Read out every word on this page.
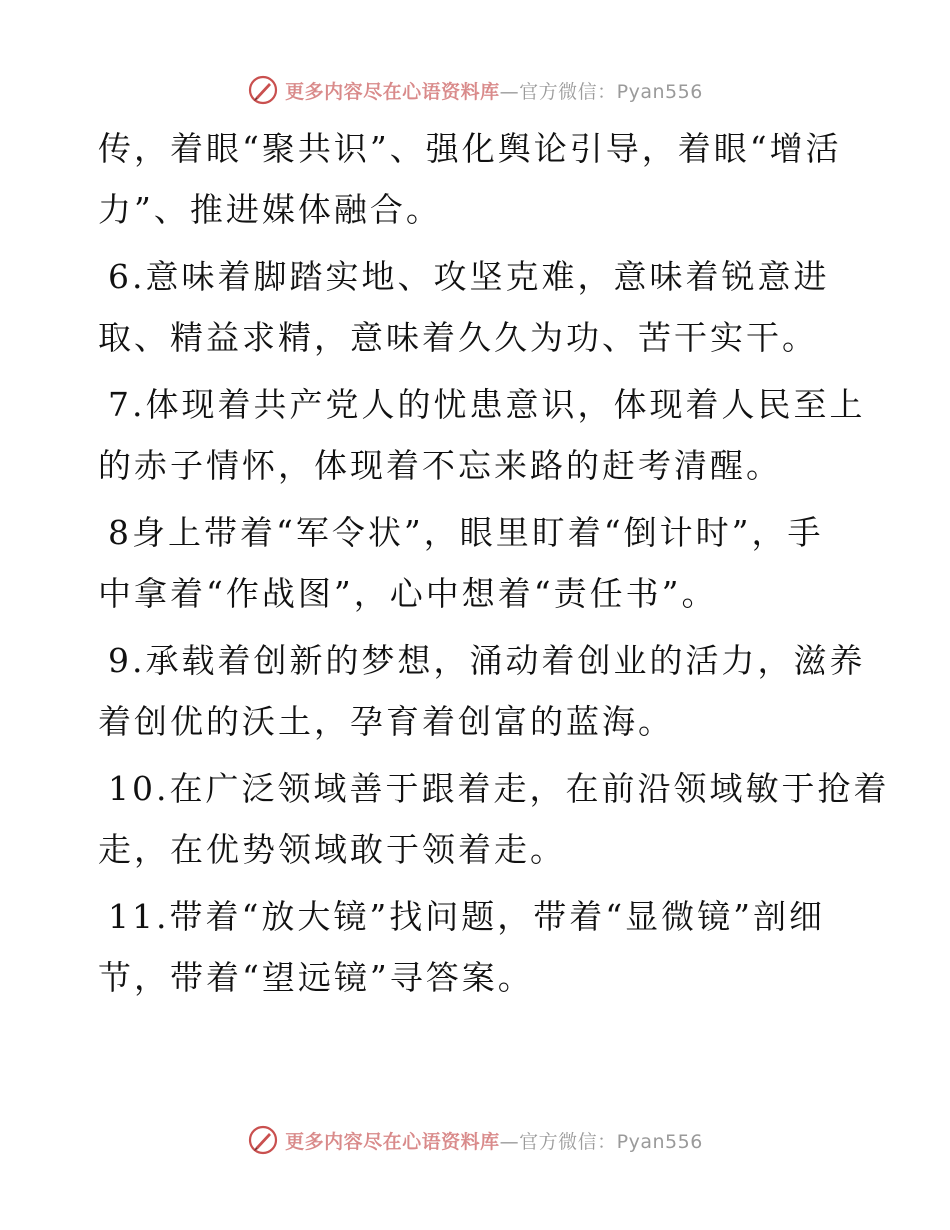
更多内容尽在心语资料库—官方微信：Pyan556
传，着眼“聚共识”、强化舆论引导，着眼“增活
力”、推进媒体融合。
6.意味着脚踏实地、攻坚克难，意味着锐意进
取、精益求精，意味着久久为功、苦干实干。
7.体现着共产党人的忧患意识，体现着人民至上
的赤子情怀，体现着不忘来路的赶考清醒。
8身上带着“军令状”，眼里盯着“倒计时”，手
中拿着“作战图”，心中想着“责任书”。
9.承载着创新的梦想，涌动着创业的活力，滋养
着创优的沃土，孕育着创富的蓝海。
10.在广泛领域善于跟着走，在前沿领域敏于抢着
走，在优势领域敢于领着走。
11.带着“放大镜”找问题，带着“显微镜”剖细
节，带着“望远镜”寻答案。
更多内容尽在心语资料库—官方微信：Pyan556
